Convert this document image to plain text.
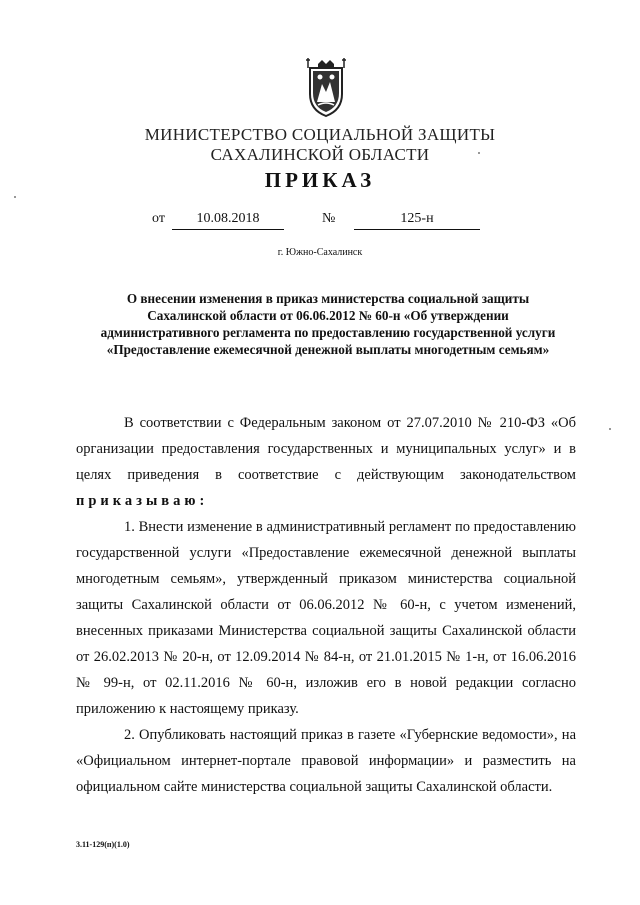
МИНИСТЕРСТВО СОЦИАЛЬНОЙ ЗАЩИТЫ
САХАЛИНСКОЙ ОБЛАСТИ
ПРИКАЗ
от	10.08.2018	№	125-н
г. Южно-Сахалинск
О внесении изменения в приказ министерства социальной защиты Сахалинской области от 06.06.2012 № 60-н «Об утверждении административного регламента по предоставлению государственной услуги «Предоставление ежемесячной денежной выплаты многодетным семьям»

В соответствии с Федеральным законом от 27.07.2010 № 210-ФЗ «Об организации предоставления государственных и муниципальных услуг» и в целях приведения в соответствие с действующим законодательством приказываю:

1. Внести изменение в административный регламент по предоставлению государственной услуги «Предоставление ежемесячной денежной выплаты многодетным семьям», утвержденный приказом министерства социальной защиты Сахалинской области от 06.06.2012 № 60-н, с учетом изменений, внесенных приказами Министерства социальной защиты Сахалинской области от 26.02.2013 № 20-н, от 12.09.2014 № 84-н, от 21.01.2015 № 1-н, от 16.06.2016 № 99-н, от 02.11.2016 № 60-н, изложив его в новой редакции согласно приложению к настоящему приказу.

2. Опубликовать настоящий приказ в газете «Губернские ведомости», на «Официальном интернет-портале правовой информации» и разместить на официальном сайте министерства социальной защиты Сахалинской области.

3.11-129(п)(1.0)
